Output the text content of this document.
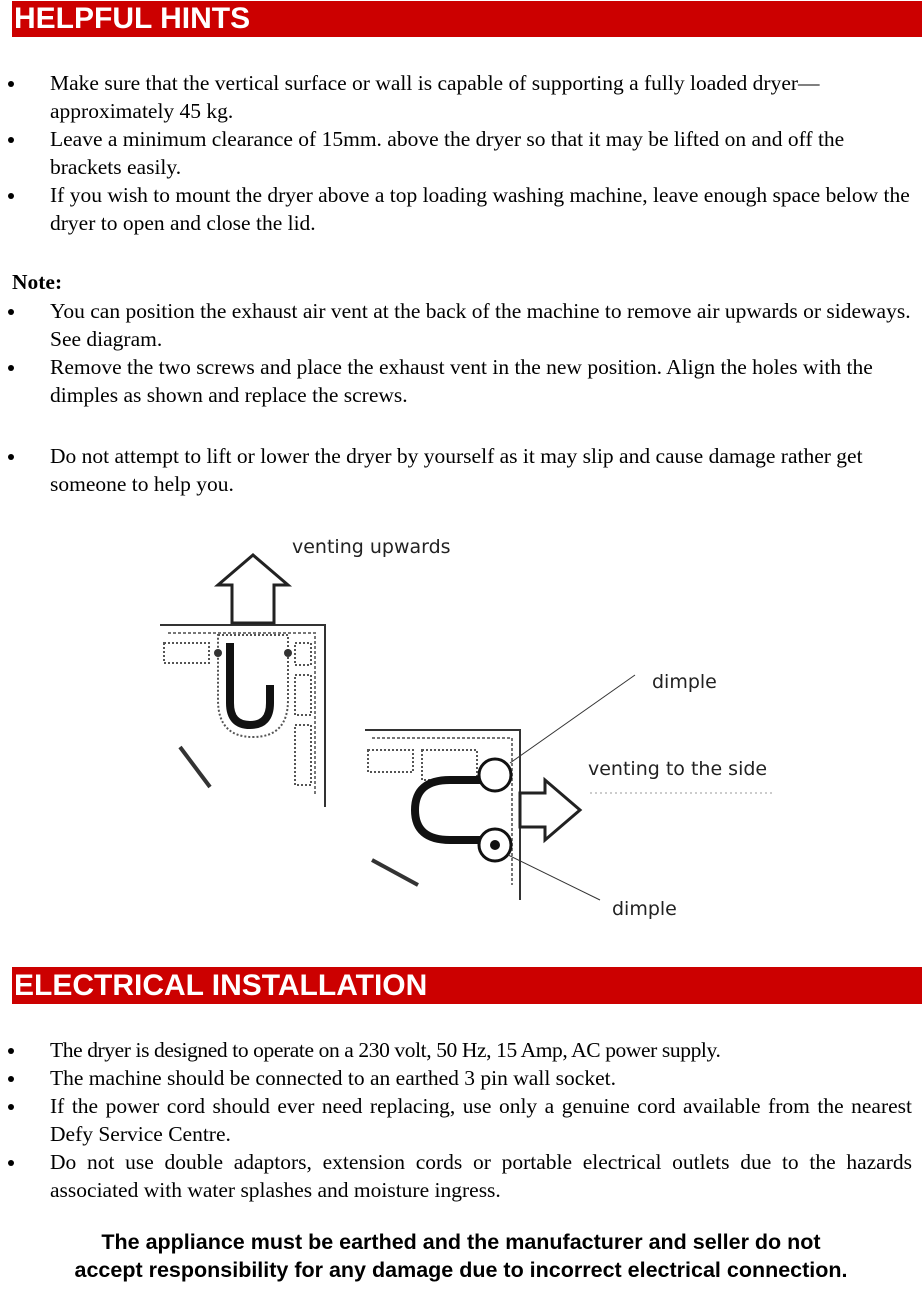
HELPFUL HINTS
Make sure that the vertical surface or wall is capable of supporting a fully loaded dryer—approximately 45 kg.
Leave a minimum clearance of 15mm. above the dryer so that it may be lifted on and off the brackets easily.
If you wish to mount the dryer above a top loading washing machine, leave enough space below the dryer to open and close the lid.
Note:
You can position the exhaust air vent at the back of the machine to remove air upwards or sideways. See diagram.
Remove the two screws and place the exhaust vent in the new position. Align the holes with the dimples as shown and replace the screws.
Do not attempt to lift or lower the dryer by yourself as it may slip and cause damage rather get someone to help you.
venting upwards
dimple
venting to the side
dimple
ELECTRICAL INSTALLATION
The dryer is designed to operate on a 230 volt, 50 Hz, 15 Amp, AC power supply.
The machine should be connected to an earthed 3 pin wall socket.
If the power cord should ever need replacing, use only a genuine cord available from the nearest Defy Service Centre.
Do not use double adaptors, extension cords or portable electrical outlets due to the hazards associated with water splashes and moisture ingress.
The appliance must be earthed and the manufacturer and seller do not
accept responsibility for any damage due to incorrect electrical connection.
